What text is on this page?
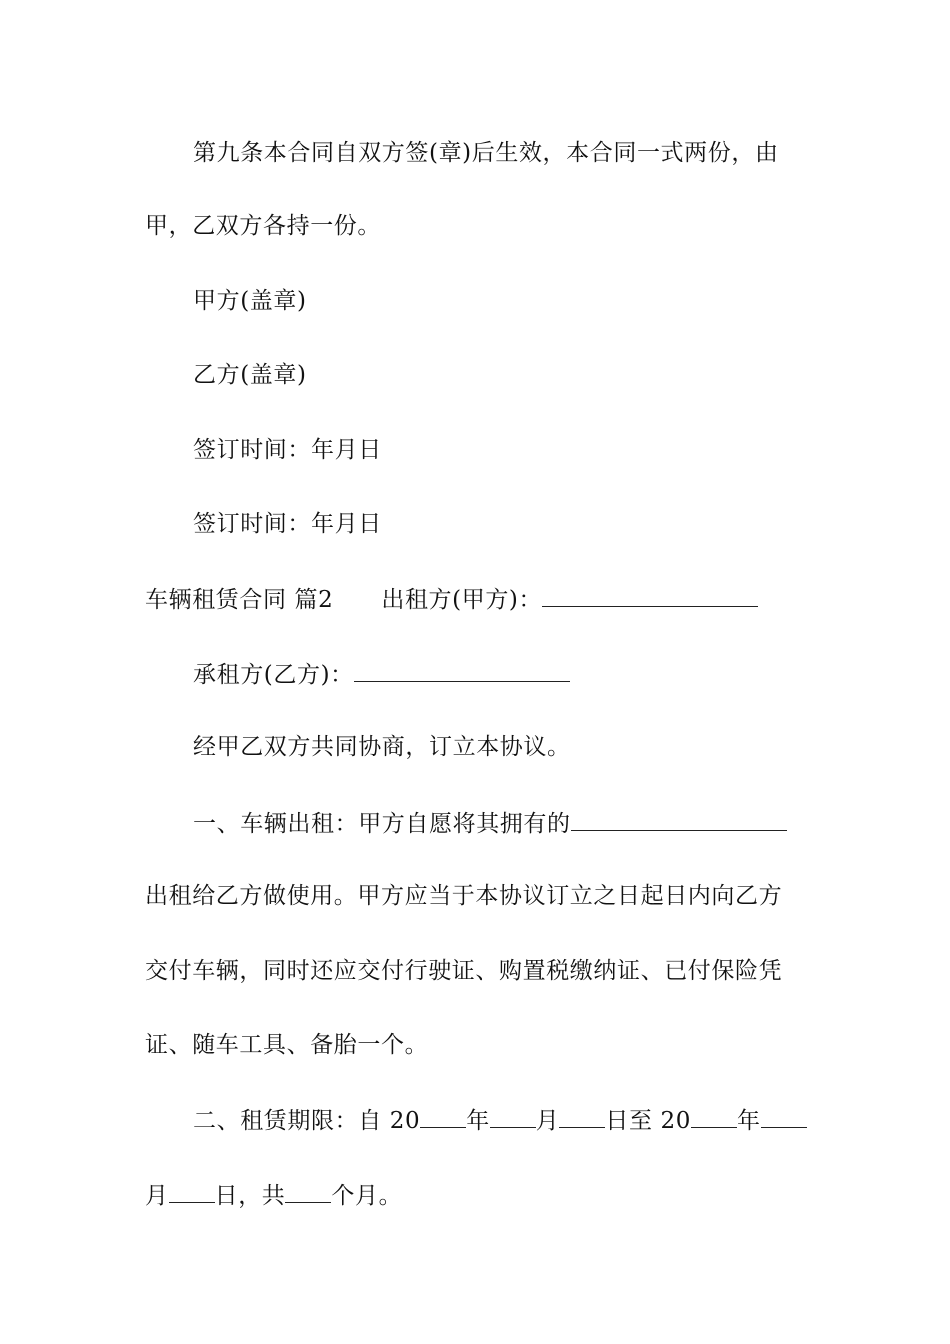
第九条本合同自双方签(章)后生效，本合同一式两份，由
甲，乙双方各持一份。
甲方(盖章)
乙方(盖章)
签订时间：年月日
签订时间：年月日
车辆租赁合同 篇2 出租方(甲方)：
承租方(乙方)：
经甲乙双方共同协商，订立本协议。
一、车辆出租：甲方自愿将其拥有的
出租给乙方做使用。甲方应当于本协议订立之日起日内向乙方
交付车辆，同时还应交付行驶证、购置税缴纳证、已付保险凭
证、随车工具、备胎一个。
二、租赁期限：自 20 年 月 日至 20 年
月 日，共 个月。
